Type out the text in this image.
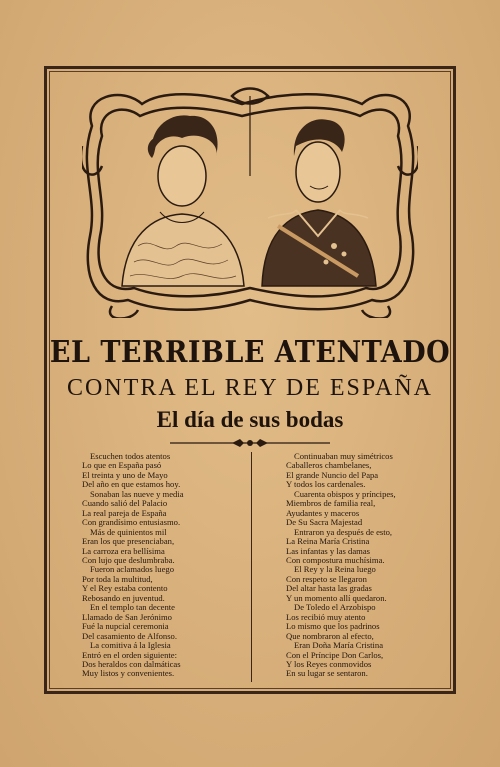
EL TERRIBLE ATENTADO
CONTRA EL REY DE ESPAÑA
El día de sus bodas
Escuchen todos atentos
Lo que en España pasó
El treinta y uno de Mayo
Del año en que estamos hoy.
Sonaban las nueve y media
Cuando salió del Palacio
La real pareja de España
Con grandísimo entusiasmo.
Más de quinientos mil
Eran los que presenciaban,
La carroza era bellísima
Con lujo que deslumbraba.
Fueron aclamados luego
Por toda la multitud,
Y el Rey estaba contento
Rebosando en juventud.
En el templo tan decente
Llamado de San Jerónimo
Fué la nupcial ceremonia
Del casamiento de Alfonso.
La comitiva á la Iglesia
Entró en el orden siguiente:
Dos heraldos con dalmáticas
Muy listos y convenientes.
Continuaban muy simétricos
Caballeros chambelanes,
El grande Nuncio del Papa
Y todos los cardenales.
Cuarenta obispos y príncipes,
Miembros de familia real,
Ayudantes y maceros
De Su Sacra Majestad
Entraron ya después de esto,
La Reina María Cristina
Las infantas y las damas
Con compostura muchísima.
El Rey y la Reina luego
Con respeto se llegaron
Del altar hasta las gradas
Y un momento allí quedaron.
De Toledo el Arzobispo
Los recibió muy atento
Lo mismo que los padrinos
Que nombraron al efecto,
Eran Doña María Cristina
Con el Príncipe Don Carlos,
Y los Reyes conmovidos
En su lugar se sentaron.
